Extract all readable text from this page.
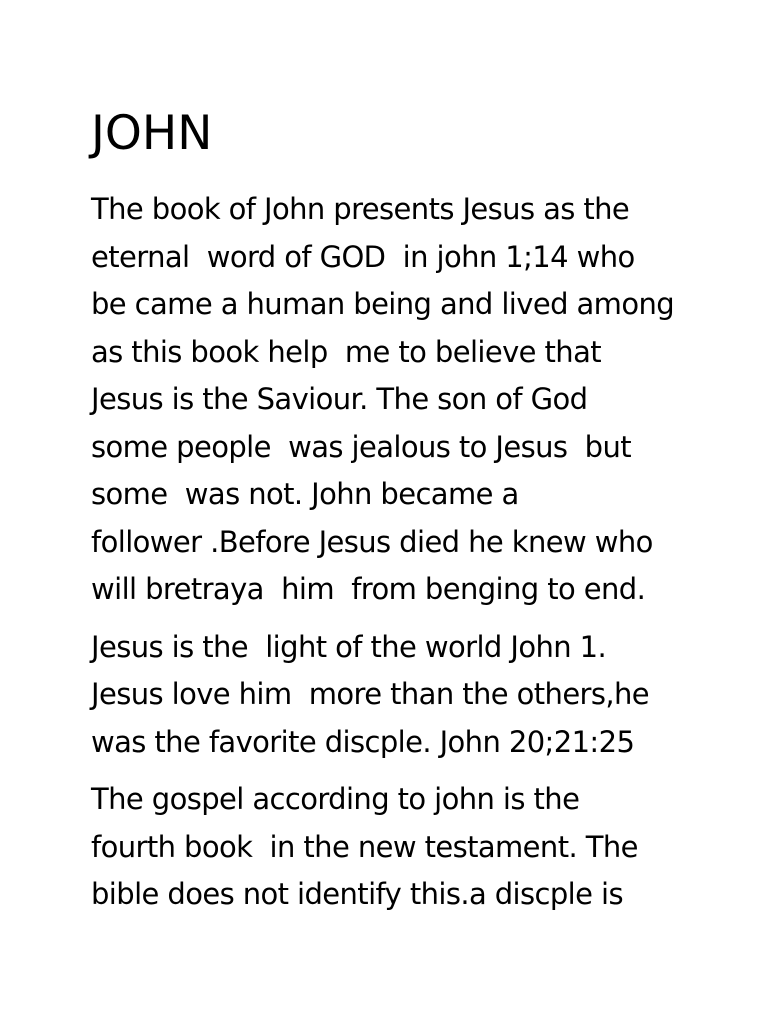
JOHN

The book of John presents Jesus as the
eternal  word of GOD  in john 1;14 who
be came a human being and lived among
as this book help  me to believe that
Jesus is the Saviour. The son of God
some people  was jealous to Jesus  but
some  was not. John became a
follower .Before Jesus died he knew who
will bretraya  him  from benging to end.

Jesus is the  light of the world John 1.
Jesus love him  more than the others,he
was the favorite discple. John 20;21:25

The gospel according to john is the
fourth book  in the new testament. The
bible does not identify this.a discple is
